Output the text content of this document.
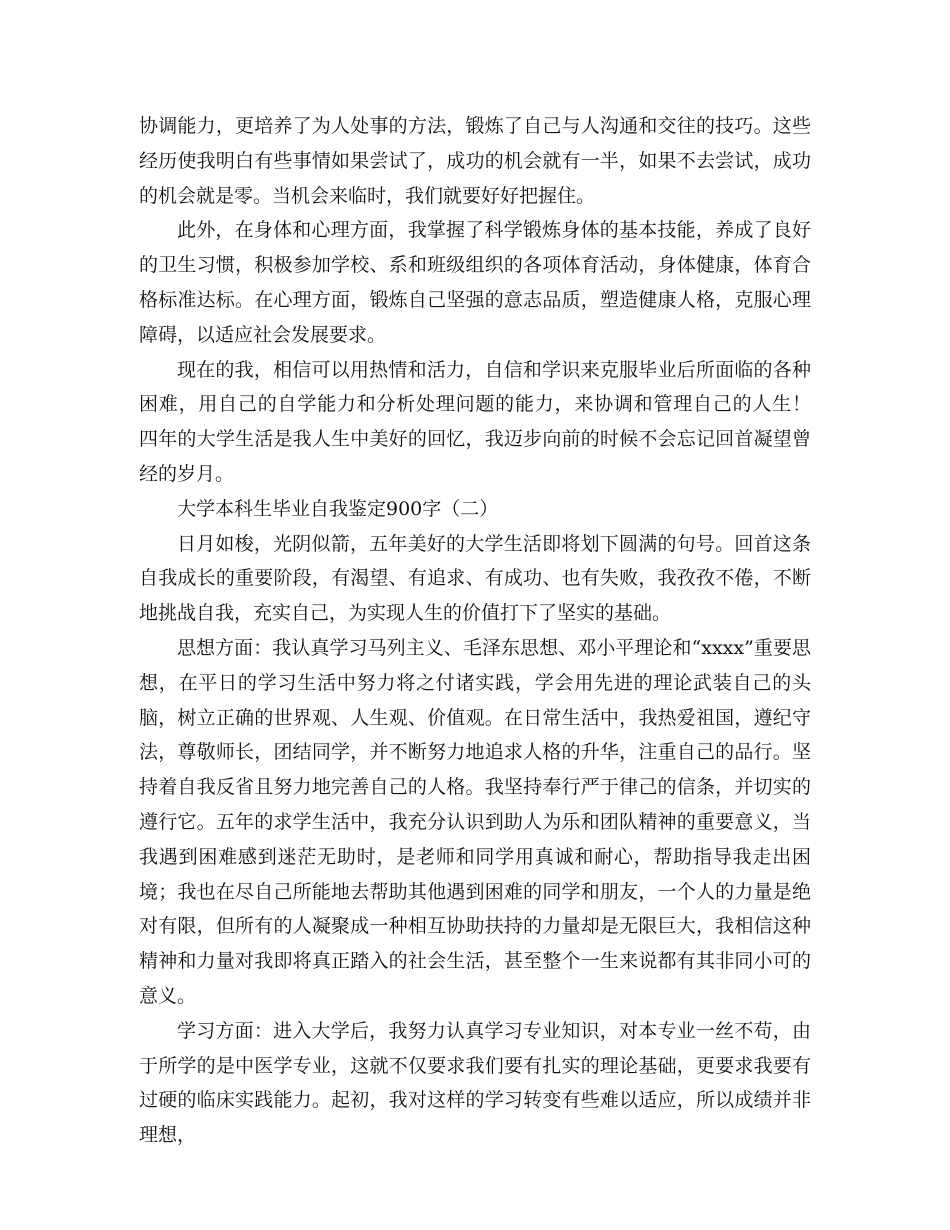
协调能力，更培养了为人处事的方法，锻炼了自己与人沟通和交往的技巧。这些经历使我明白有些事情如果尝试了，成功的机会就有一半，如果不去尝试，成功的机会就是零。当机会来临时，我们就要好好把握住。

此外，在身体和心理方面，我掌握了科学锻炼身体的基本技能，养成了良好的卫生习惯，积极参加学校、系和班级组织的各项体育活动，身体健康，体育合格标准达标。在心理方面，锻炼自己坚强的意志品质，塑造健康人格，克服心理障碍，以适应社会发展要求。

现在的我，相信可以用热情和活力，自信和学识来克服毕业后所面临的各种困难，用自己的自学能力和分析处理问题的能力，来协调和管理自己的人生！　四年的大学生活是我人生中美好的回忆，我迈步向前的时候不会忘记回首凝望曾经的岁月。

大学本科生毕业自我鉴定900字（二）

日月如梭，光阴似箭，五年美好的大学生活即将划下圆满的句号。回首这条自我成长的重要阶段，有渴望、有追求、有成功、也有失败，我孜孜不倦，不断地挑战自我，充实自己，为实现人生的价值打下了坚实的基础。

思想方面：我认真学习马列主义、毛泽东思想、邓小平理论和“xxxx”重要思想，在平日的学习生活中努力将之付诸实践，学会用先进的理论武装自己的头脑，树立正确的世界观、人生观、价值观。在日常生活中，我热爱祖国，遵纪守法，尊敬师长，团结同学，并不断努力地追求人格的升华，注重自己的品行。坚持着自我反省且努力地完善自己的人格。我坚持奉行严于律己的信条，并切实的遵行它。五年的求学生活中，我充分认识到助人为乐和团队精神的重要意义，当我遇到困难感到迷茫无助时，是老师和同学用真诚和耐心，帮助指导我走出困境；我也在尽自己所能地去帮助其他遇到困难的同学和朋友，一个人的力量是绝对有限，但所有的人凝聚成一种相互协助扶持的力量却是无限巨大，我相信这种精神和力量对我即将真正踏入的社会生活，甚至整个一生来说都有其非同小可的意义。

学习方面：进入大学后，我努力认真学习专业知识，对本专业一丝不苟，由于所学的是中医学专业，这就不仅要求我们要有扎实的理论基础，更要求我要有过硬的临床实践能力。起初，我对这样的学习转变有些难以适应，所以成绩并非理想，
